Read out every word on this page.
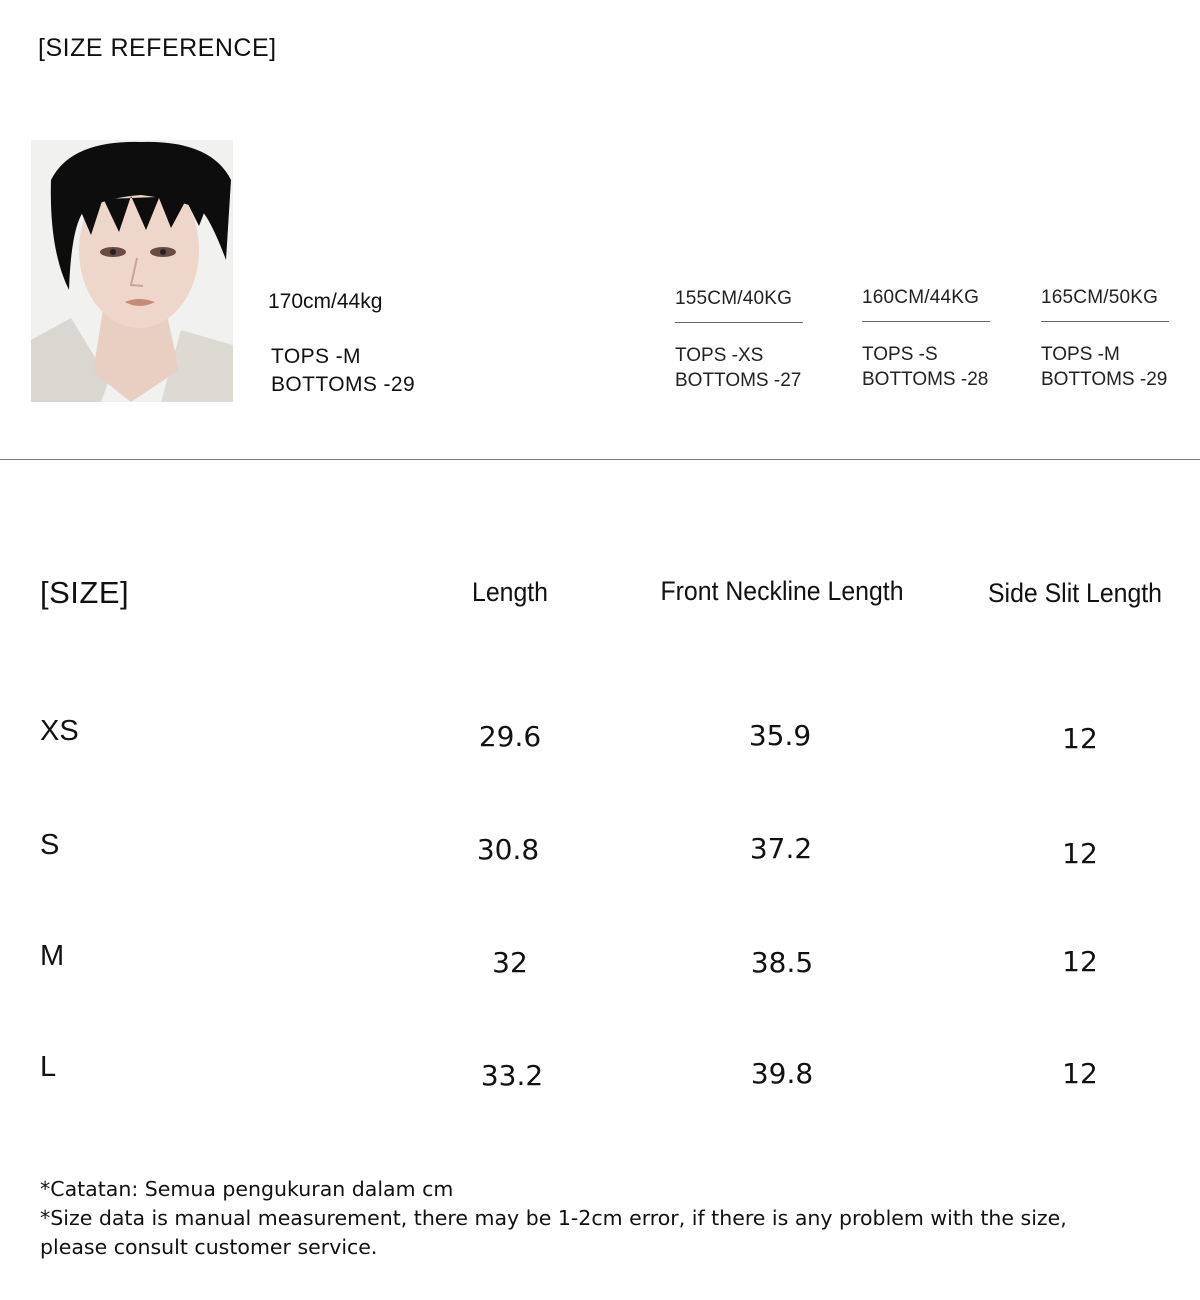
[SIZE REFERENCE]
170cm/44kg
TOPS -M
BOTTOMS -29
155CM/40KG
TOPS -XS
BOTTOMS -27
160CM/44KG
TOPS -S
BOTTOMS -28
165CM/50KG
TOPS -M
BOTTOMS -29
[SIZE]	Length	Front Neckline Length	Side Slit Length
XS	29.6	35.9	12
S	30.8	37.2	12
M	32	38.5	12
L	33.2	39.8	12
*Catatan: Semua pengukuran dalam cm
*Size data is manual measurement, there may be 1-2cm error, if there is any problem with the size,
please consult customer service.
